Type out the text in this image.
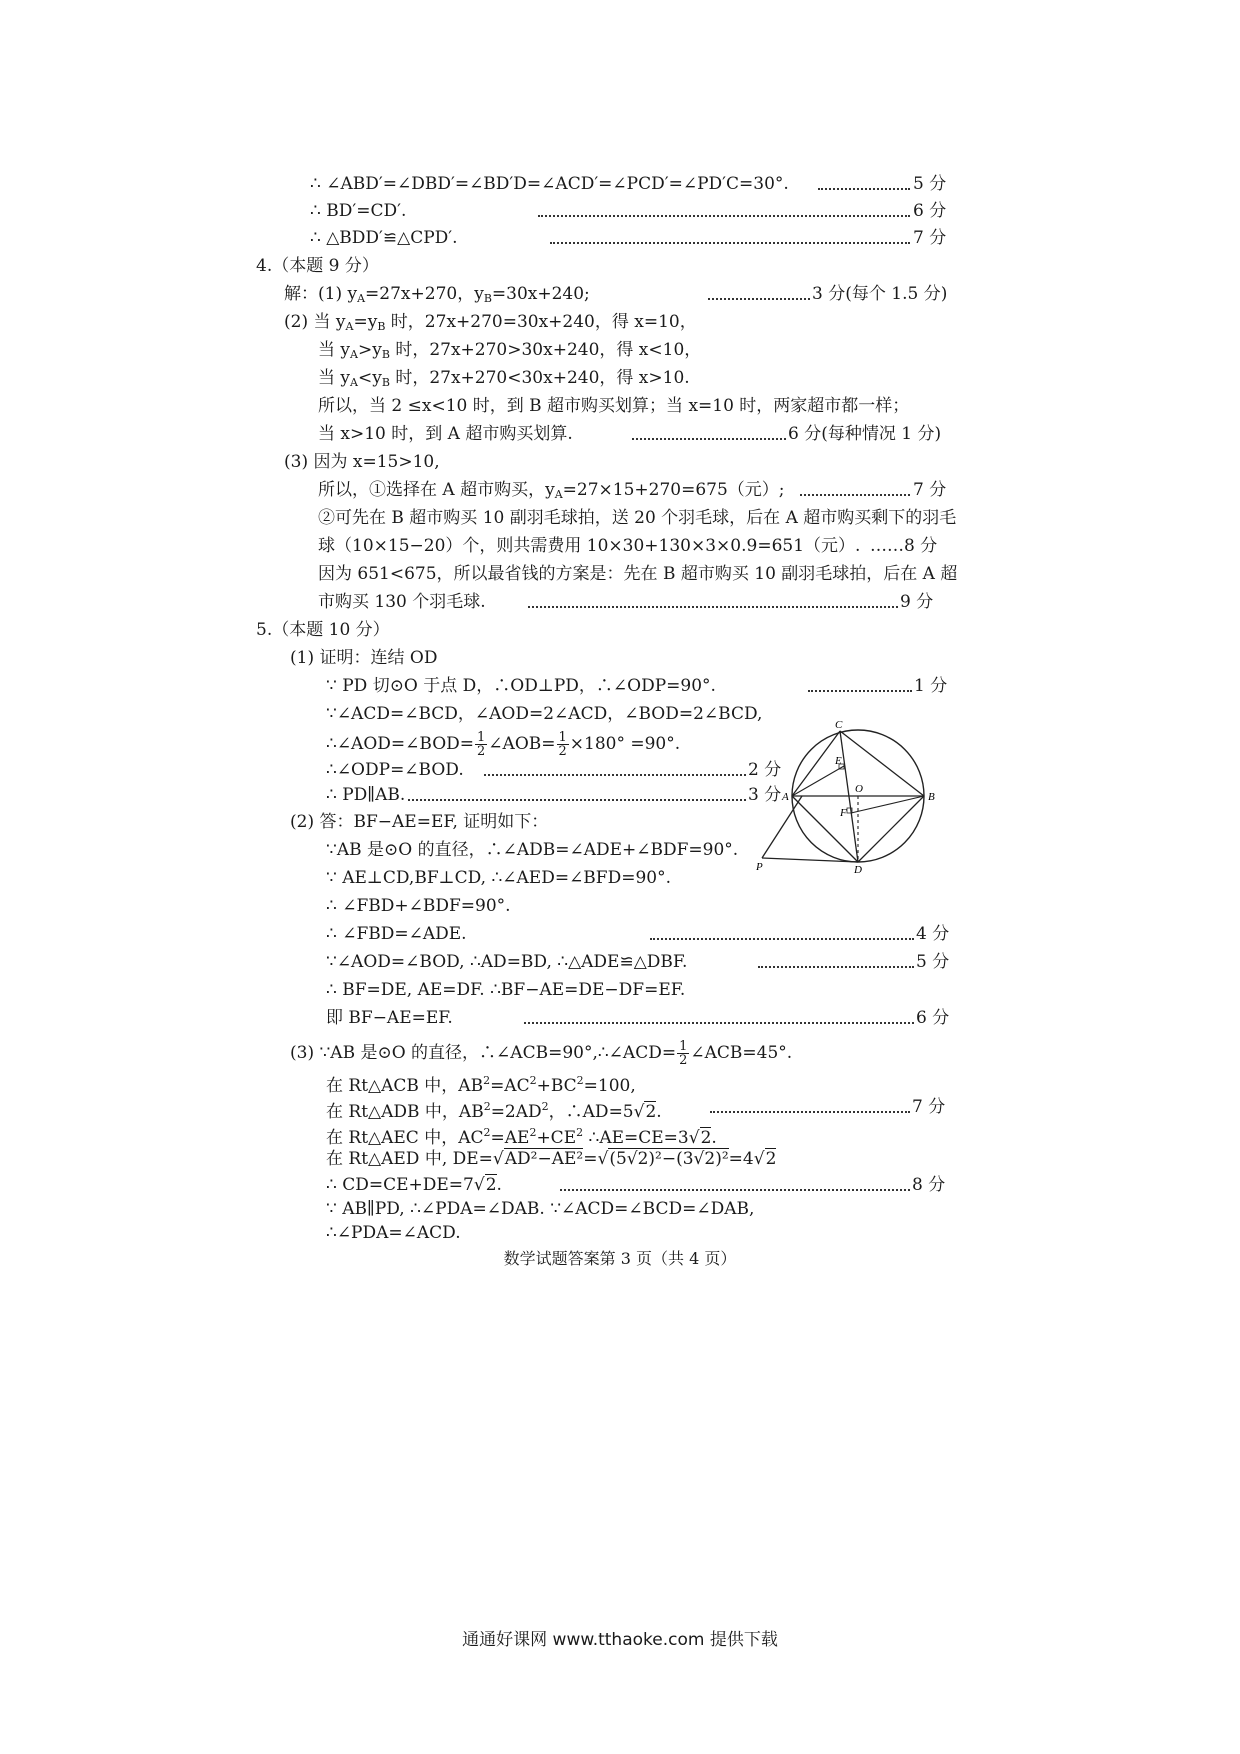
∴ ∠ABD′=∠DBD′=∠BD′D=∠ACD′=∠PCD′=∠PD′C=30°.	5 分
∴ BD′=CD′.	6 分
∴ △BDD′≌△CPD′.	7 分
4.（本题 9 分）
解：(1) $y_A=27x+270$，$y_B=30x+240$;	3 分(每个 1.5 分)
(2) 当 $y_A=y_B$ 时，27x+270=30x+240，得 x=10，
当 $y_A>y_B$ 时，27x+270>30x+240，得 x<10，
当 $y_A<y_B$ 时，27x+270<30x+240，得 x>10.
所以，当 2 ≤x<10 时，到 B 超市购买划算；当 x=10 时，两家超市都一样；
当 x>10 时，到 A 超市购买划算.	6 分(每种情况 1 分)
(3) 因为 x=15>10,
所以，①选择在 A 超市购买，$y_A=27\times 15+270=675$（元）;	7 分
②可先在 B 超市购买 10 副羽毛球拍，送 20 个羽毛球，后在 A 超市购买剩下的羽毛
球（10×15−20）个，则共需费用 10×30+130×3×0.9=651（元）. ……8 分
因为 651<675，所以最省钱的方案是：先在 B 超市购买 10 副羽毛球拍，后在 A 超
市购买 130 个羽毛球.	9 分
5.（本题 10 分）
(1) 证明：连结 OD
∵ PD 切⊙O 于点 D，∴OD⊥PD，∴∠ODP=90°.	1 分
∵∠ACD=∠BCD，∠AOD=2∠ACD，∠BOD=2∠BCD,
∴∠AOD=∠BOD= $\frac{1}{2}$ ∠AOB= $\frac{1}{2} \times 180^\circ =90^\circ$.
∴∠ODP=∠BOD.	2 分
∴ PD∥AB.	3 分
(2) 答：BF−AE=EF, 证明如下：
∵AB 是⊙O 的直径，∴∠ADB=∠ADE+∠BDF=90°.
∵ AE⊥CD,BF⊥CD, ∴∠AED=∠BFD=90°.
∴ ∠FBD+∠BDF=90°.
∴ ∠FBD=∠ADE.	4 分
∵∠AOD=∠BOD, ∴AD=BD, ∴△ADE≌△DBF.	5 分
∴ BF=DE, AE=DF. ∴BF−AE=DE−DF=EF.
即 BF−AE=EF.	6 分
(3) ∵AB 是⊙O 的直径，∴∠ACB=90°,∴∠ACD= $\frac{1}{2}$ ∠ACB=45°.
在 Rt△ACB 中，$AB^2=AC^2+BC^2=100$,
在 Rt△ADB 中，$AB^2=2AD^2$，∴AD=5√2.	7 分
在 Rt△AEC 中，$AC^2=AE^2+CE^2$ ∴AE=CE=3√2.
在 Rt△AED 中, DE=√AD²−AE²=√(5√2)²−(3√2)²=4√2
∴ CD=CE+DE=7√2.	8 分
∵ AB∥PD, ∴∠PDA=∠DAB. ∵∠ACD=∠BCD=∠DAB,
∴∠PDA=∠ACD.
C
E
O
A	B
F
P	D
数学试题答案第 3 页（共 4 页）
通通好课网 www.tthaoke.com 提供下载
